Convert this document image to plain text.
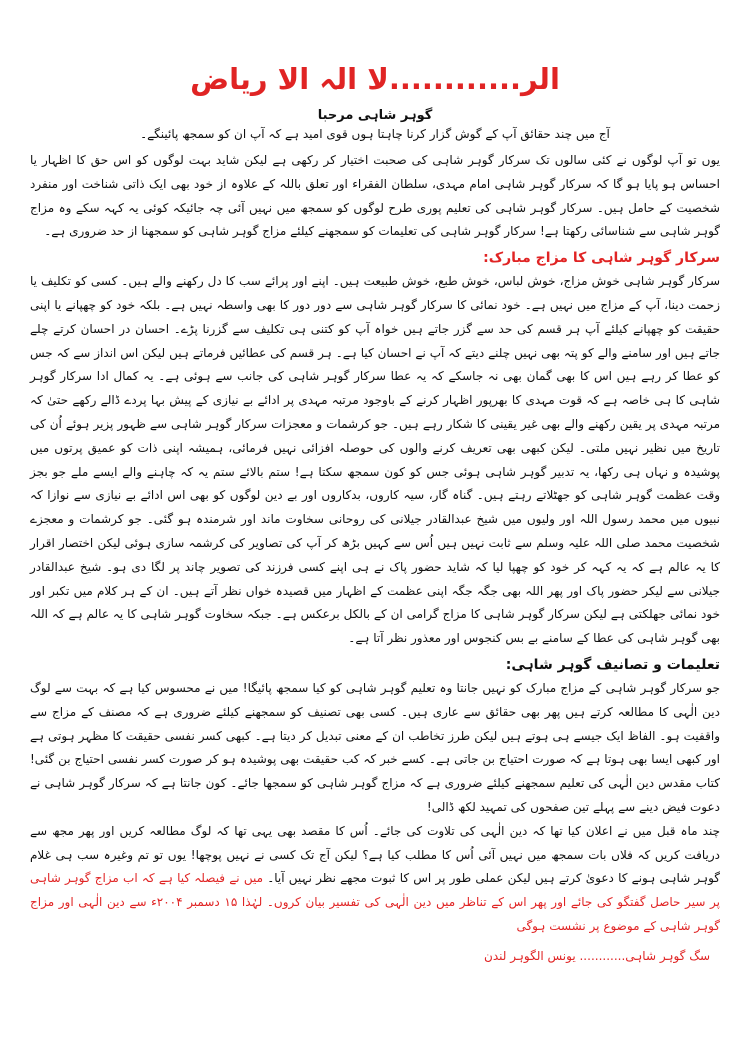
الر............لا الہ الا ریاض
گوہر شاہی مرحبا
آج میں چند حقائق آپ کے گوش گزار کرنا چاہتا ہوں قوی امید ہے کہ آپ ان کو سمجھ پائینگے۔

یوں تو آپ لوگوں نے کئی سالوں تک سرکار گوہر شاہی کی صحبت اختیار کر رکھی ہے لیکن شاید بہت لوگوں کو اس حق کا اظہار یا احساس ہو پایا ہو گا کہ سرکار گوہر شاہی امام مہدی، سلطان الفقراء اور تعلق باللہ کے علاوہ از خود بھی ایک ذاتی شناخت اور منفرد شخصیت کے حامل ہیں۔ سرکار گوہر شاہی کی تعلیم پوری طرح لوگوں کو سمجھ میں نہیں آئی چہ جائیکہ کوئی یہ کہہ سکے وہ مزاج گوہر شاہی سے شناسائی رکھتا ہے! سرکار گوہر شاہی کی تعلیمات کو سمجھنے کیلئے مزاج گوہر شاہی کو سمجھنا از حد ضروری ہے۔

سرکار گوہر شاہی کا مزاج مبارک:

سرکار گوہر شاہی خوش مزاج، خوش لباس، خوش طبع، خوش طبیعت ہیں۔ اپنے اور پرائے سب کا دل رکھنے والے ہیں۔ کسی کو تکلیف یا زحمت دینا، آپ کے مزاج میں نہیں ہے۔ خود نمائی کا سرکار گوہر شاہی سے دور دور کا بھی واسطہ نہیں ہے۔ بلکہ خود کو چھپانے یا اپنی حقیقت کو چھپانے کیلئے آپ ہر قسم کی حد سے گزر جاتے ہیں خواہ آپ کو کتنی ہی تکلیف سے گزرنا پڑے۔ احسان در احسان کرتے چلے جاتے ہیں اور سامنے والے کو پتہ بھی نہیں چلنے دیتے کہ آپ نے احسان کیا ہے۔ ہر قسم کی عطائیں فرماتے ہیں لیکن اس انداز سے کہ جس کو عطا کر رہے ہیں اس کا بھی گمان بھی نہ جاسکے کہ یہ عطا سرکار گوہر شاہی کی جانب سے ہوئی ہے۔ یہ کمال ادا سرکار گوہر شاہی کا ہی خاصہ ہے کہ قوت مہدی کا بھرپور اظہار کرنے کے باوجود مرتبہ مہدی پر ادائے بے نیازی کے پیش بہا پردے ڈالے رکھے حتیٰ کہ مرتبہ مہدی پر یقین رکھنے والے بھی غیر یقینی کا شکار رہے ہیں۔ جو کرشمات و معجزات سرکار گوہر شاہی سے ظہور پزیر ہوئے اُن کی تاریخ میں نظیر نہیں ملتی۔ لیکن کبھی بھی تعریف کرنے والوں کی حوصلہ افزائی نہیں فرمائی، ہمیشہ اپنی ذات کو عمیق پرتوں میں پوشیدہ و نہاں ہی رکھا، یہ تدبیر گوہر شاہی ہوئی جس کو کون سمجھ سکتا ہے! ستم بالائے ستم یہ کہ چاہنے والے ایسے ملے جو بجز وقت عظمت گوہر شاہی کو جھٹلاتے رہتے ہیں۔ گناہ گار، سیہ کاروں، بدکاروں اور بے دین لوگوں کو بھی اس ادائے بے نیازی سے نوازا کہ نبیوں میں محمد رسول اللہ اور ولیوں میں شیخ عبدالقادر جیلانی کی روحانی سخاوت ماند اور شرمندہ ہو گئی۔ جو کرشمات و معجزے شخصیت محمد صلی اللہ علیہ وسلم سے ثابت نہیں ہیں اُس سے کہیں بڑھ کر آپ کی تصاویر کی کرشمہ سازی ہوئی لیکن اختصار اقرار کا یہ عالم ہے کہ یہ کہہ کر خود کو چھپا لیا کہ شاید حضور پاک نے ہی اپنے کسی فرزند کی تصویر چاند پر لگا دی ہو۔ شیخ عبدالقادر جیلانی سے لیکر حضور پاک اور پھر اللہ بھی جگہ جگہ اپنی عظمت کے اظہار میں قصیدہ خواں نظر آتے ہیں۔ ان کے ہر کلام میں تکبر اور خود نمائی جھلکتی ہے لیکن سرکار گوہر شاہی کا مزاج گرامی ان کے بالکل برعکس ہے۔ جبکہ سخاوت گوہر شاہی کا یہ عالم ہے کہ اللہ بھی گوہر شاہی کی عطا کے سامنے بے بس کنجوس اور معذور نظر آتا ہے۔

تعلیمات و تصانیف گوہر شاہی:

جو سرکار گوہر شاہی کے مزاج مبارک کو نہیں جانتا وہ تعلیم گوہر شاہی کو کیا سمجھ پائیگا! میں نے محسوس کیا ہے کہ بہت سے لوگ دین الٰہی کا مطالعہ کرتے ہیں پھر بھی حقائق سے عاری ہیں۔ کسی بھی تصنیف کو سمجھنے کیلئے ضروری ہے کہ مصنف کے مزاج سے واقفیت ہو۔ الفاظ ایک جیسے ہی ہوتے ہیں لیکن طرز تخاطب ان کے معنی تبدیل کر دیتا ہے۔ کبھی کسر نفسی حقیقت کا مظہر ہوتی ہے اور کبھی ایسا بھی ہوتا ہے کہ صورت احتیاج بن جاتی ہے۔ کسے خبر کہ کب حقیقت بھی پوشیدہ ہو کر صورت کسر نفسی احتیاج بن گئی! کتاب مقدس دین الٰہی کی تعلیم سمجھنے کیلئے ضروری ہے کہ مزاج گوہر شاہی کو سمجھا جائے۔ کون جانتا ہے کہ سرکار گوہر شاہی نے دعوت فیض دینے سے پہلے تین صفحوں کی تمہید لکھ ڈالی!

چند ماہ قبل میں نے اعلان کیا تھا کہ دین الٰہی کی تلاوت کی جائے۔ اُس کا مقصد بھی یہی تھا کہ لوگ مطالعہ کریں اور پھر مجھ سے دریافت کریں کہ فلاں بات سمجھ میں نہیں آئی اُس کا مطلب کیا ہے؟ لیکن آج تک کسی نے نہیں پوچھا! یوں تو تم وغیرہ سب ہی غلام گوہر شاہی ہونے کا دعویٰ کرتے ہیں لیکن عملی طور پر اس کا ثبوت مجھے نظر نہیں آیا۔ میں نے فیصلہ کیا ہے کہ اب مزاج گوہر شاہی پر سیر حاصل گفتگو کی جائے اور پھر اس کے تناظر میں دین الٰہی کی تفسیر بیان کروں۔ لہٰذا ۱۵ دسمبر ۲۰۰۴ء سے دین الٰہی اور مزاج گوہر شاہی کے موضوع پر نشست ہوگی

سگ گوہر شاہی............ یونس الگوہر لندن
